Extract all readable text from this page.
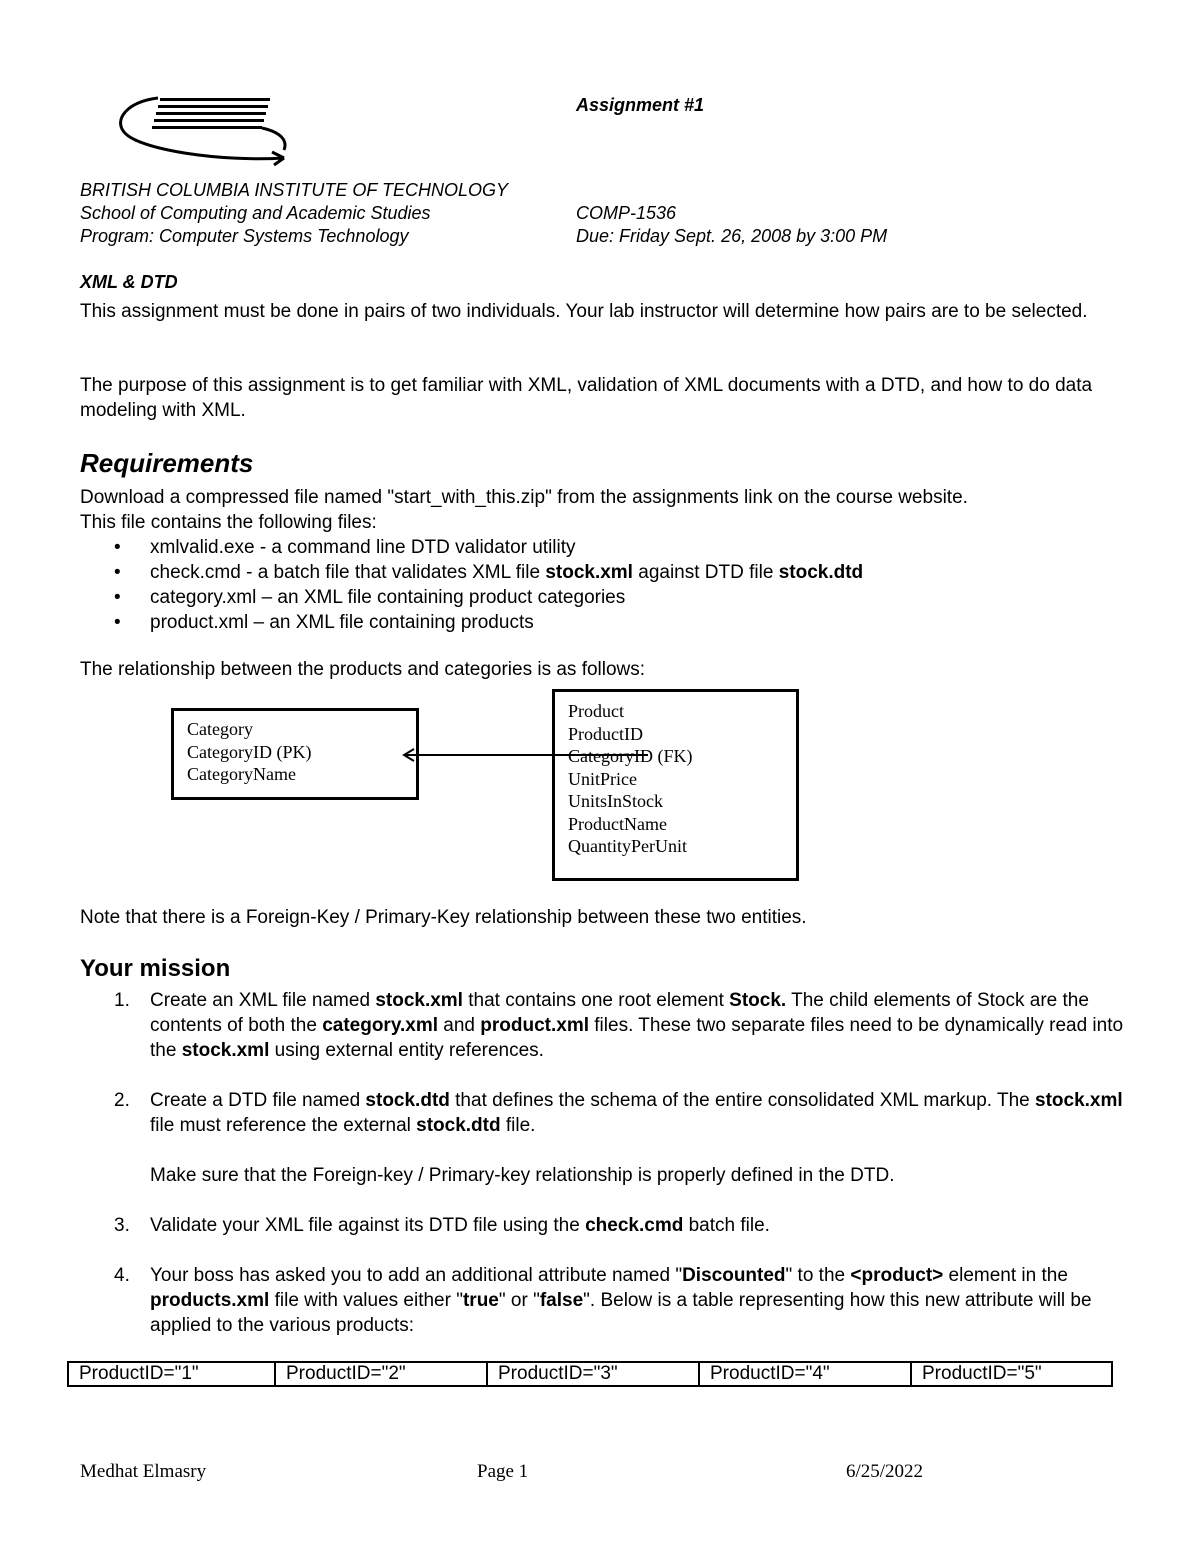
Assignment #1
BRITISH COLUMBIA INSTITUTE OF TECHNOLOGY
School of Computing and Academic Studies
Program: Computer Systems Technology
COMP-1536
Due: Friday Sept. 26, 2008 by 3:00 PM
XML & DTD

This assignment must be done in pairs of two individuals. Your lab instructor will determine how pairs are to be selected.

The purpose of this assignment is to get familiar with XML, validation of XML documents with a DTD, and how to do data modeling with XML.

Requirements

Download a compressed file named "start_with_this.zip" from the assignments link on the course website.

This file contains the following files:

• xmlvalid.exe - a command line DTD validator utility
• check.cmd - a batch file that validates XML file stock.xml against DTD file stock.dtd
• category.xml – an XML file containing product categories
• product.xml – an XML file containing products

The relationship between the products and categories is as follows:

Category
CategoryID (PK)
CategoryName
Product
ProductID
CategoryID (FK)
UnitPrice
UnitsInStock
ProductName
QuantityPerUnit

Note that there is a Foreign-Key / Primary-Key relationship between these two entities.

Your mission
1. Create an XML file named stock.xml that contains one root element Stock. The child elements of Stock are the contents of both the category.xml and product.xml files. These two separate files need to be dynamically read into the stock.xml using external entity references.
2. Create a DTD file named stock.dtd that defines the schema of the entire consolidated XML markup. The stock.xml file must reference the external stock.dtd file.

Make sure that the Foreign-key / Primary-key relationship is properly defined in the DTD.

3. Validate your XML file against its DTD file using the check.cmd batch file.
4. Your boss has asked you to add an additional attribute named "Discounted" to the <product> element in the products.xml file with values either "true" or "false". Below is a table representing how this new attribute will be applied to the various products:
ProductID="1"	ProductID="2"	ProductID="3"	ProductID="4"	ProductID="5"
Medhat Elmasry	Page 1	6/25/2022
